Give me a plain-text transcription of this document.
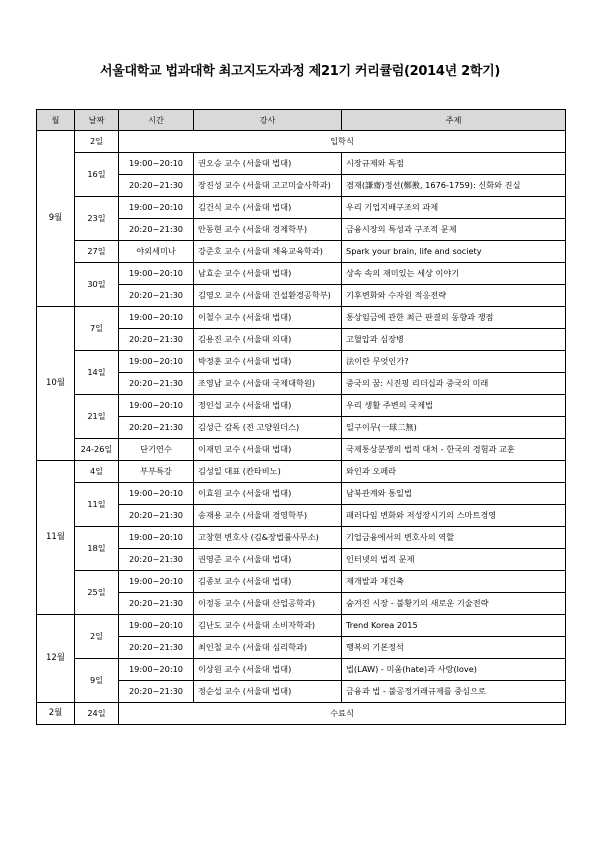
서울대학교 법과대학 최고지도자과정 제21기 커리큘럼(2014년 2학기)
월	날짜	시간	강사	주제
9월	2일	입학식		
	16일	19:00~20:10	권오승 교수 (서울대 법대)	시장규제와 독점
		20:20~21:30	장진성 교수 (서울대 고고미술사학과)	겸재(謙齋)정선(鄭敾, 1676-1759): 신화와 진실
	23일	19:00~20:10	김건식 교수 (서울대 법대)	우리 기업지배구조의 과제
		20:20~21:30	안동현 교수 (서울대 경제학부)	금융시장의 특성과 구조적 문제
	27일	야외세미나	강준호 교수 (서울대 체육교육학과)	Spark your brain, life and society
	30일	19:00~20:10	남효순 교수 (서울대 법대)	상속 속의 재미있는 세상 이야기
		20:20~21:30	김영오 교수 (서울대 건설환경공학부)	기후변화와 수자원 적응전략
10월	7일	19:00~20:10	이철수 교수 (서울대 법대)	통상임금에 관한 최근 판결의 동향과 쟁점
		20:20~21:30	김용진 교수 (서울대 의대)	고혈압과 심장병
	14일	19:00~20:10	박정훈 교수 (서울대 법대)	法이란 무엇인가?
		20:20~21:30	조영남 교수 (서울대 국제대학원)	중국의 꿈: 시진핑 리더십과 중국의 미래
	21일	19:00~20:10	정인섭 교수 (서울대 법대)	우리 생활 주변의 국제법
		20:20~21:30	김성근 감독 (전 고양원더스)	일구이무(一球二無)
	24-26일	단기연수	이재민 교수 (서울대 법대)	국제통상분쟁의 법적 대처 - 한국의 경험과 교훈
11월	4일	부부특강	김성일 대표 (칸타비노)	와인과 오페라
	11일	19:00~20:10	이효원 교수 (서울대 법대)	남북관계와 통일법
		20:20~21:30	송재용 교수 (서울대 경영학부)	패러다임 변화와 저성장시기의 스마트경영
	18일	19:00~20:10	고창현 변호사 (김&장법률사무소)	기업금융에서의 변호사의 역할
		20:20~21:30	권영준 교수 (서울대 법대)	인터넷의 법적 문제
	25일	19:00~20:10	김종보 교수 (서울대 법대)	재개발과 재건축
		20:20~21:30	이정동 교수 (서울대 산업공학과)	숨겨진 시장 - 불황기의 새로운 기술전략
12월	2일	19:00~20:10	김난도 교수 (서울대 소비자학과)	Trend Korea 2015
		20:20~21:30	최인철 교수 (서울대 심리학과)	행복의 기본정석
	9일	19:00~20:10	이상원 교수 (서울대 법대)	법(LAW) - 미움(hate)과 사랑(love)
		20:20~21:30	정순섭 교수 (서울대 법대)	금융과 법 - 불공정거래규제를 중심으로
2월	24일	수료식		
